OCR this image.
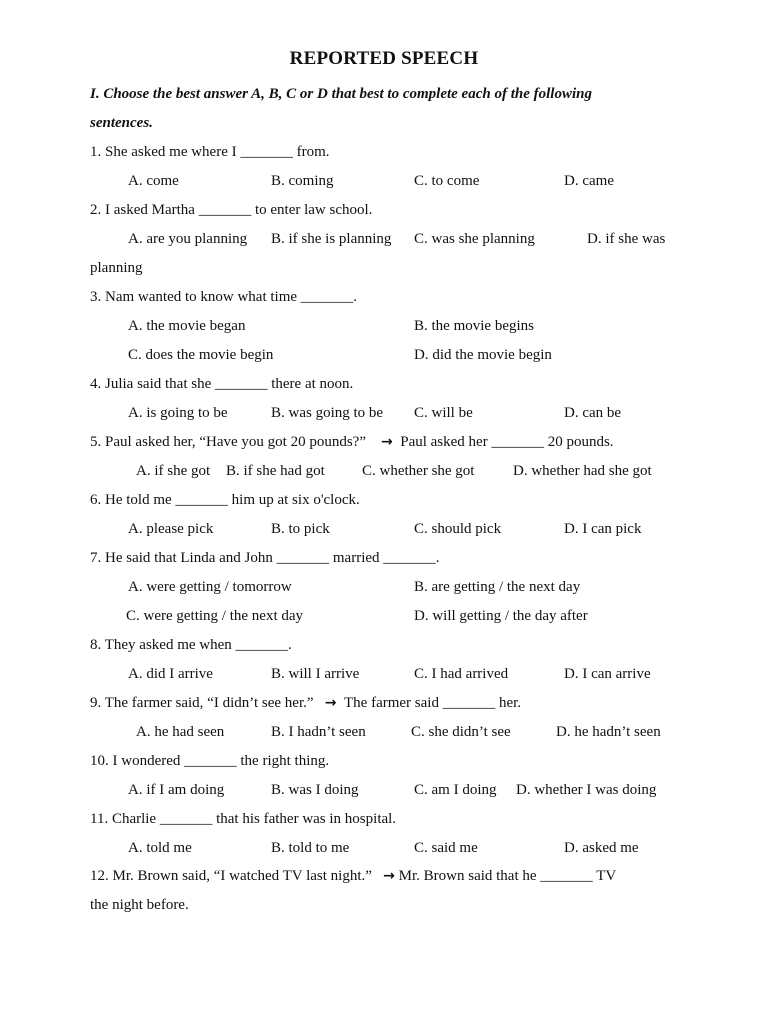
REPORTED SPEECH
I. Choose the best answer A, B, C or D that best to complete each of the following
sentences.
1. She asked me where I _______ from.
A. come	B. coming	C. to come	D. came
2. I asked Martha _______ to enter law school.
A. are you planning B. if she is planning C. was she planning	D. if she was
planning
3. Nam wanted to know what time _______.
A. the movie began	B. the movie begins
C. does the movie begin	D. did the movie begin
4. Julia said that she _______ there at noon.
A. is going to be	B. was going to be C. will be	D. can be
5. Paul asked her, “Have you got 20 pounds?” → Paul asked her _______ 20 pounds.
A. if she got B. if she had got C. whether she got	D. whether had she got
6. He told me _______ him up at six o'clock.
A. please pick	B. to pick	C. should pick	D. I can pick
7. He said that Linda and John _______ married _______.
A. were getting / tomorrow	B. are getting / the next day
C. were getting / the next day	D. will getting / the day after
8. They asked me when _______.
A. did I arrive	B. will I arrive	C. I had arrived	D. I can arrive
9. The farmer said, “I didn’t see her.” → The farmer said _______ her.
A. he had seen	B. I hadn’t seen	C. she didn’t see	D. he hadn’t seen
10. I wondered _______ the right thing.
A. if I am doing	B. was I doing	C. am I doing D. whether I was doing
11. Charlie _______ that his father was in hospital.
A. told me	B. told to me	C. said me	D. asked me
12. Mr. Brown said, “I watched TV last night.” → Mr. Brown said that he _______ TV
the night before.
